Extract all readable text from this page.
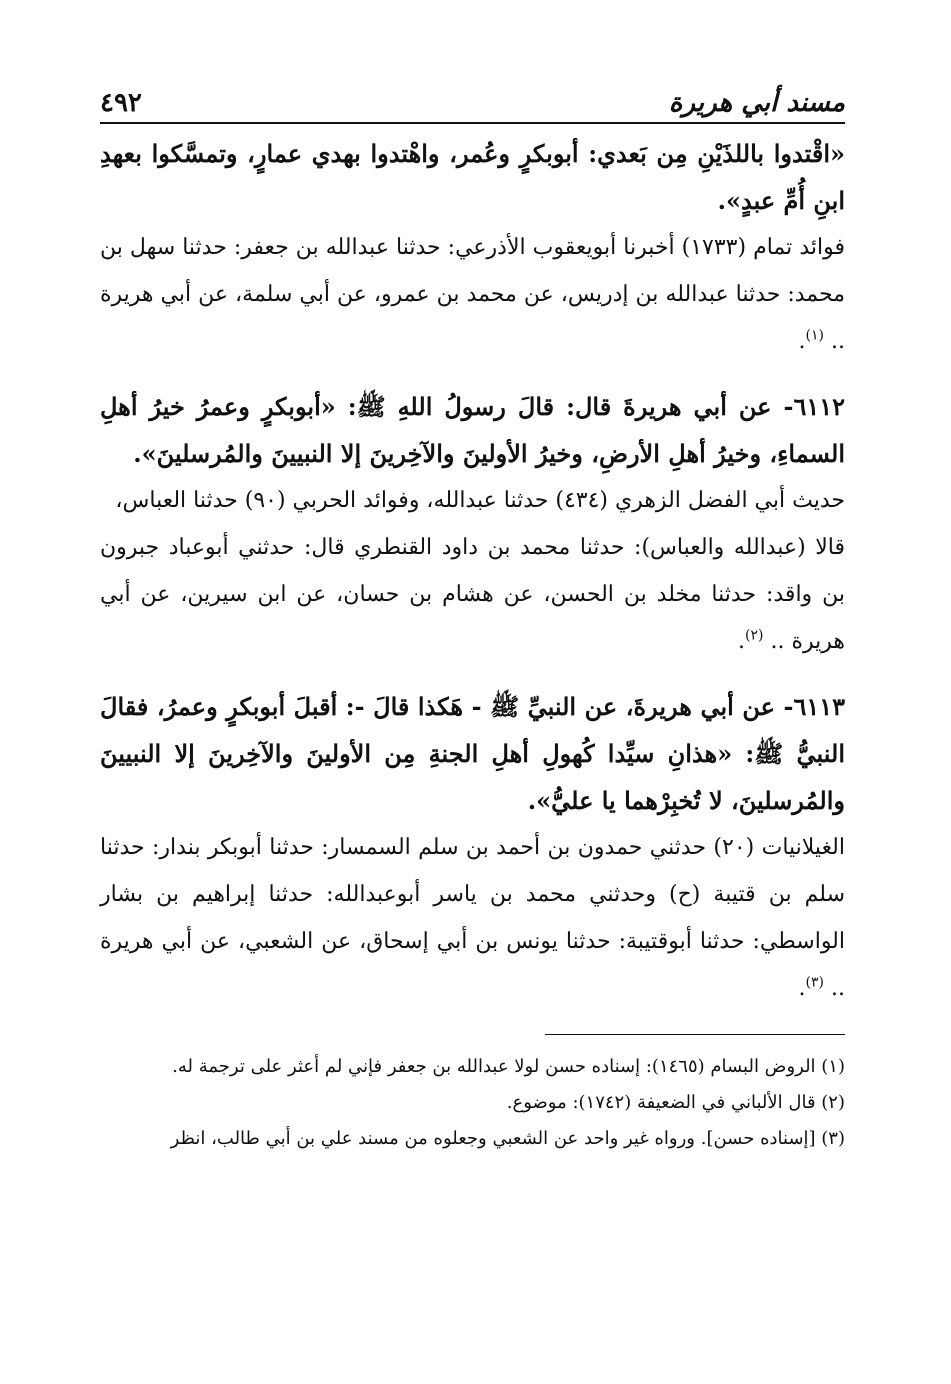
مسند أبي هريرة
٤٩٢

«اقْتدوا باللذَيْنِ مِن بَعدي: أبوبكرٍ وعُمر، واهْتدوا بهدي عمارٍ، وتمسَّكوا بعهدِ ابنِ أُمِّ عبدٍ».

فوائد تمام (١٧٣٣) أخبرنا أبويعقوب الأذرعي: حدثنا عبدالله بن جعفر: حدثنا سهل بن محمد: حدثنا عبدالله بن إدريس، عن محمد بن عمرو، عن أبي سلمة، عن أبي هريرة .. $^{(١)}$.

٦١١٢- عن أبي هريرةَ قال: قالَ رسولُ اللهِ ﷺ: «أبوبكرٍ وعمرُ خيرُ أهلِ السماءِ، وخيرُ أهلِ الأرضِ، وخيرُ الأولينَ والآخِرينَ إلا النبيينَ والمُرسلينَ».

حديث أبي الفضل الزهري (٤٣٤) حدثنا عبدالله، وفوائد الحربي (٩٠) حدثنا العباس،

قالا (عبدالله والعباس): حدثنا محمد بن داود القنطري قال: حدثني أبوعباد جبرون بن واقد: حدثنا مخلد بن الحسن، عن هشام بن حسان، عن ابن سيرين، عن أبي هريرة .. $^{(٢)}$.

٦١١٣- عن أبي هريرةَ، عن النبيِّ ﷺ - هَكذا قالَ -: أقبلَ أبوبكرٍ وعمرُ، فقالَ النبيُّ ﷺ: «هذانِ سيِّدا كُهولِ أهلِ الجنةِ مِن الأولينَ والآخِرينَ إلا النبيينَ والمُرسلينَ، لا تُخبِرْهما يا عليُّ».

الغيلانيات (٢٠) حدثني حمدون بن أحمد بن سلم السمسار: حدثنا أبوبكر بندار: حدثنا سلم بن قتيبة (ح) وحدثني محمد بن ياسر أبوعبدالله: حدثنا إبراهيم بن بشار الواسطي: حدثنا أبوقتيبة: حدثنا يونس بن أبي إسحاق، عن الشعبي، عن أبي هريرة .. $^{(٣)}$.

(١) الروض البسام (١٤٦٥): إسناده حسن لولا عبدالله بن جعفر فإني لم أعثر على ترجمة له.

(٢) قال الألباني في الضعيفة (١٧٤٢): موضوع.

(٣) [إسناده حسن]. ورواه غير واحد عن الشعبي وجعلوه من مسند علي بن أبي طالب، انظر
